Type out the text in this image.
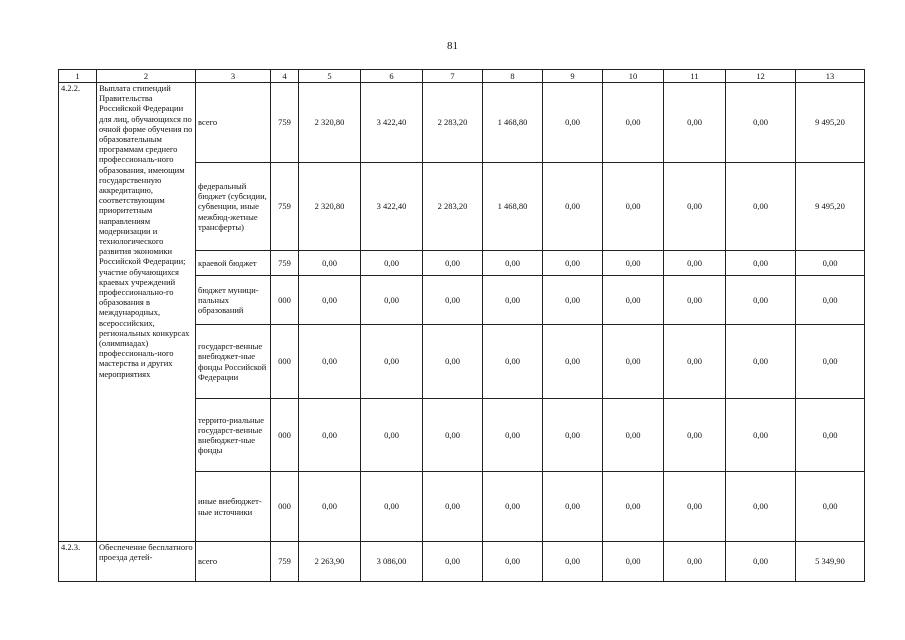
81
1	2	3	4	5	6	7	8	9	10	11	12	13
4.2.2.	Выплата стипендий Правительства Российской Федерации для лиц, обучающихся по очной форме обучения по образовательным программам среднего профессиональ-ного образования, имеющим государственную аккредитацию, соответствующим приоритетным направлениям модернизации и технологического развития экономики Российской Федерации; участие обучающихся краевых учреждений профессионально-го образования в международных, всероссийских, региональных конкурсах (олимпиадах) профессиональ-ного мастерства и других мероприятиях	всего	759	2 320,80	3 422,40	2 283,20	1 468,80	0,00	0,00	0,00	0,00	9 495,20
		федеральный бюджет (субсидии, субвенции, иные межбюд-жетные трансферты)	759	2 320,80	3 422,40	2 283,20	1 468,80	0,00	0,00	0,00	0,00	9 495,20
		краевой бюджет	759	0,00	0,00	0,00	0,00	0,00	0,00	0,00	0,00	0,00
		бюджет муници-пальных образований	000	0,00	0,00	0,00	0,00	0,00	0,00	0,00	0,00	0,00
		государст-венные внебюджет-ные фонды Российской Федерации	000	0,00	0,00	0,00	0,00	0,00	0,00	0,00	0,00	0,00
		террито-риальные государст-венные внебюджет-ные фонды	000	0,00	0,00	0,00	0,00	0,00	0,00	0,00	0,00	0,00
		иные внебюджет-ные источники	000	0,00	0,00	0,00	0,00	0,00	0,00	0,00	0,00	0,00
4.2.3.	Обеспечение бесплатного проезда детей-	всего	759	2 263,90	3 086,00	0,00	0,00	0,00	0,00	0,00	0,00	5 349,90
